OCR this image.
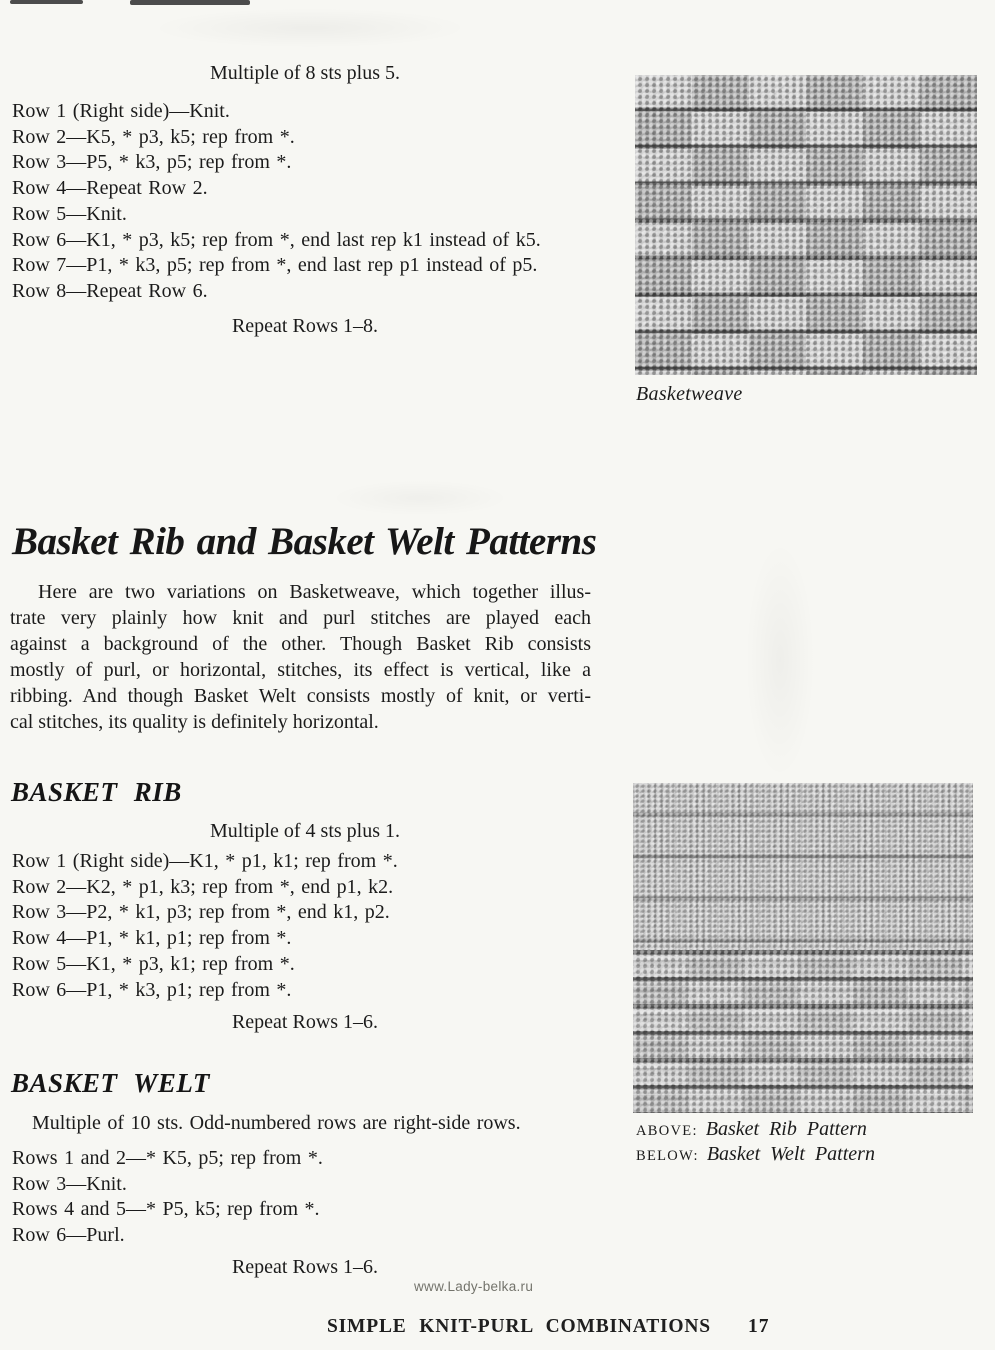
Multiple of 8 sts plus 5.
Row 1 (Right side)—Knit.
Row 2—K5, * p3, k5; rep from *.
Row 3—P5, * k3, p5; rep from *.
Row 4—Repeat Row 2.
Row 5—Knit.
Row 6—K1, * p3, k5; rep from *, end last rep k1 instead of k5.
Row 7—P1, * k3, p5; rep from *, end last rep p1 instead of p5.
Row 8—Repeat Row 6.
Repeat Rows 1–8.
Basketweave
Basket Rib and Basket Welt Patterns
Here are two variations on Basketweave, which together illus-
trate very plainly how knit and purl stitches are played each
against a background of the other. Though Basket Rib consists
mostly of purl, or horizontal, stitches, its effect is vertical, like a
ribbing. And though Basket Welt consists mostly of knit, or verti-
cal stitches, its quality is definitely horizontal.
BASKET RIB
Multiple of 4 sts plus 1.
Row 1 (Right side)—K1, * p1, k1; rep from *.
Row 2—K2, * p1, k3; rep from *, end p1, k2.
Row 3—P2, * k1, p3; rep from *, end k1, p2.
Row 4—P1, * k1, p1; rep from *.
Row 5—K1, * p3, k1; rep from *.
Row 6—P1, * k3, p1; rep from *.
Repeat Rows 1–6.
BASKET WELT
Multiple of 10 sts. Odd-numbered rows are right-side rows.
Rows 1 and 2—* K5, p5; rep from *.
Row 3—Knit.
Rows 4 and 5—* P5, k5; rep from *.
Row 6—Purl.
Repeat Rows 1–6.
ABOVE: Basket Rib Pattern
BELOW: Basket Welt Pattern
www.Lady-belka.ru
SIMPLE KNIT-PURL COMBINATIONS 17
